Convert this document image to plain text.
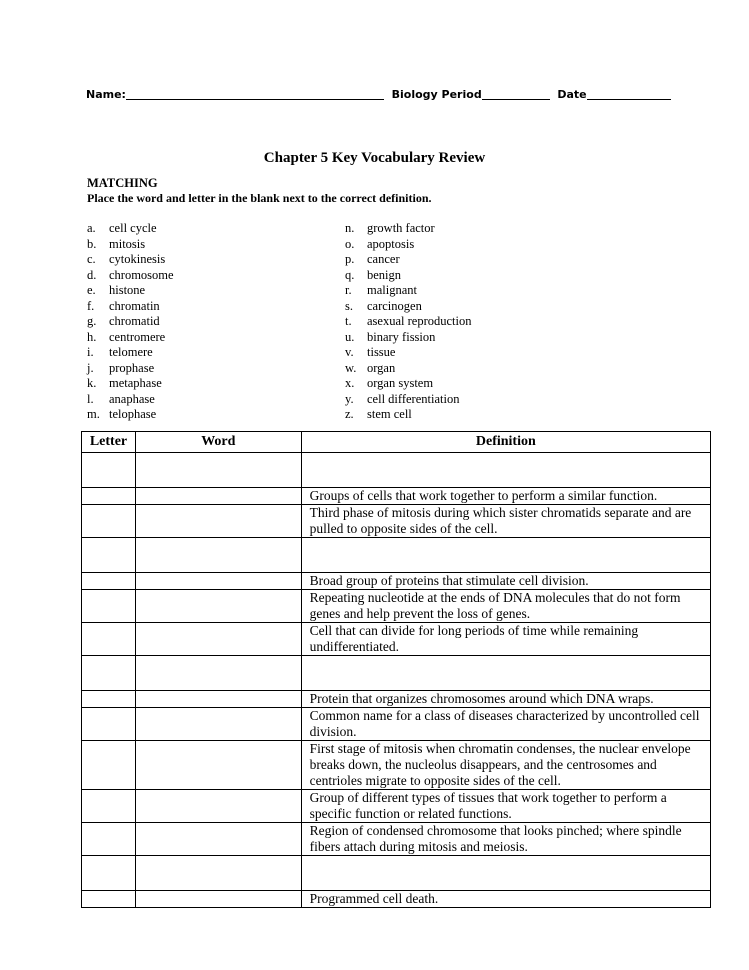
Name:	Biology Period	Date
Chapter 5 Key Vocabulary Review
MATCHING
Place the word and letter in the blank next to the correct definition.
a.	cell cycle
b.	mitosis
c.	cytokinesis
d.	chromosome
e.	histone
f.	chromatin
g.	chromatid
h.	centromere
i.	telomere
j.	prophase
k.	metaphase
l.	anaphase
m. telophase
n.	growth factor
o.	apoptosis
p.	cancer
q.	benign
r.	malignant
s.	carcinogen
t.	asexual reproduction
u.	binary fission
v.	tissue
w. organ
x.	organ system
y.	cell differentiation
z.	stem cell
Letter	Word	Definition

		Groups of cells that work together to perform a similar function.
		Third phase of mitosis during which sister chromatids separate and are pulled to opposite sides of the cell.

		Broad group of proteins that stimulate cell division.
		Repeating nucleotide at the ends of DNA molecules that do not form genes and help prevent the loss of genes.
		Cell that can divide for long periods of time while remaining undifferentiated.

		Protein that organizes chromosomes around which DNA wraps.
		Common name for a class of diseases characterized by uncontrolled cell division.
		First stage of mitosis when chromatin condenses, the nuclear envelope breaks down, the nucleolus disappears, and the centrosomes and centrioles migrate to opposite sides of the cell.
		Group of different types of tissues that work together to perform a specific function or related functions.
		Region of condensed chromosome that looks pinched; where spindle fibers attach during mitosis and meiosis.

		Programmed cell death.
